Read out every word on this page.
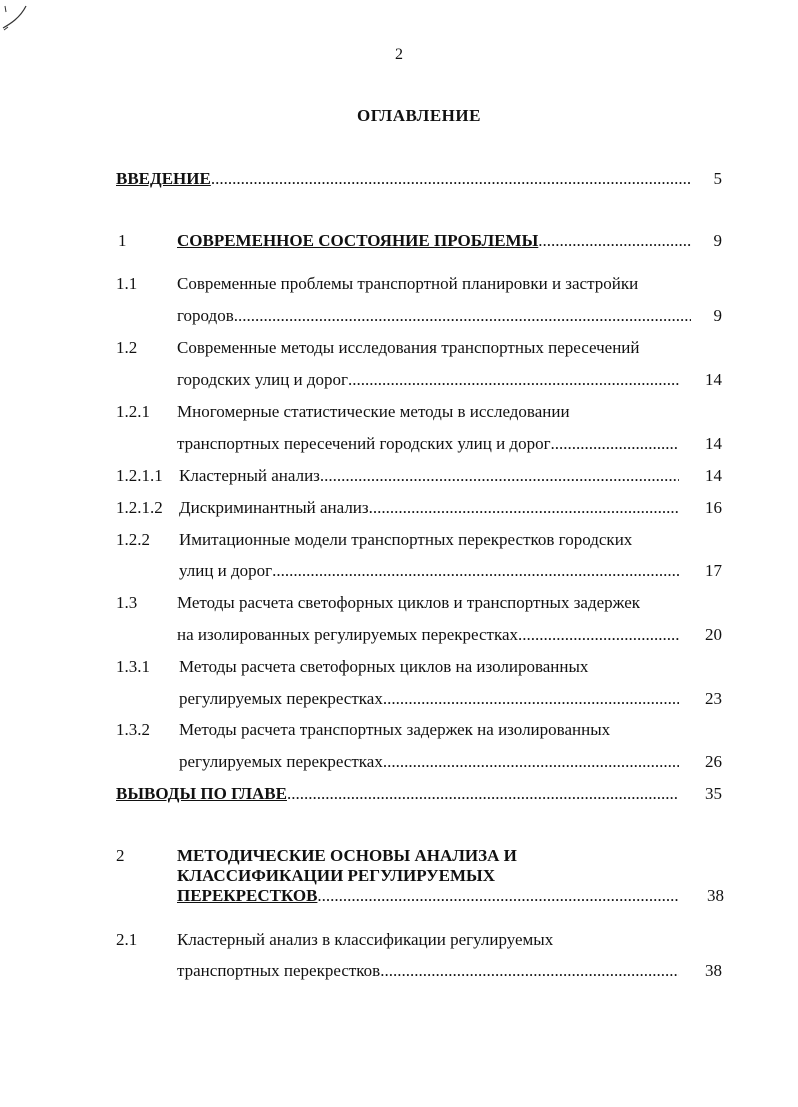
2
ОГЛАВЛЕНИЕ
ВВЕДЕНИЕ .....	5
1	СОВРЕМЕННОЕ СОСТОЯНИЕ ПРОБЛЕМЫ .....	9
1.1 Современные проблемы транспортной планировки и застройки
городов .....	9
1.2 Современные методы исследования транспортных пересечений
городских улиц и дорог .....	14
1.2.1 Многомерные статистические методы в исследовании
транспортных пересечений городских улиц и дорог .....	14
1.2.1.1 Кластерный анализ .....	14
1.2.1.2 Дискриминантный анализ .....	16
1.2.2 Имитационные модели транспортных перекрестков городских
улиц и дорог .....	17
1.3 Методы расчета светофорных циклов и транспортных задержек
на изолированных регулируемых перекрестках .....	20
1.3.1 Методы расчета светофорных циклов на изолированных
регулируемых перекрестках .....	23
1.3.2 Методы расчета транспортных задержек на изолированных
регулируемых перекрестках .....	26
ВЫВОДЫ ПО ГЛАВЕ .....	35
2	МЕТОДИЧЕСКИЕ ОСНОВЫ АНАЛИЗА И
КЛАССИФИКАЦИИ РЕГУЛИРУЕМЫХ
ПЕРЕКРЕСТКОВ .....	38
2.1 Кластерный анализ в классификации регулируемых
транспортных перекрестков .....	38
